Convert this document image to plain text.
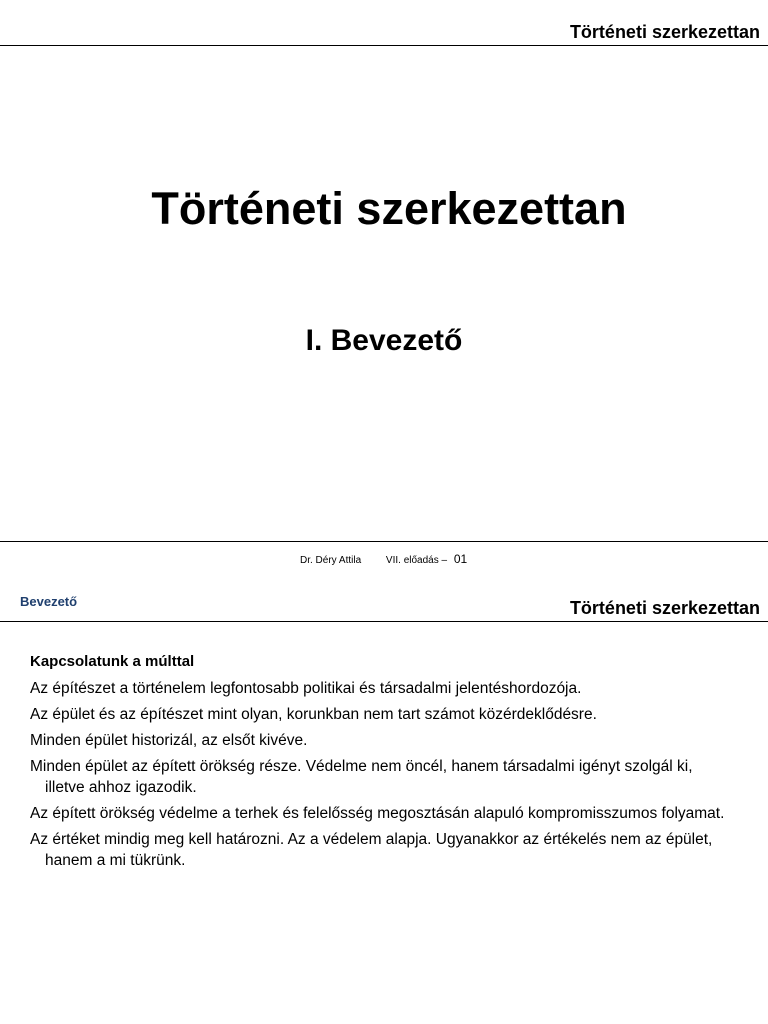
Történeti szerkezettan
Történeti szerkezettan
I. Bevezető
Dr. Déry Attila VII. előadás – 01
Bevezető	Történeti szerkezettan
Kapcsolatunk a múlttal
Az építészet a történelem legfontosabb politikai és társadalmi jelentéshordozója.
Az épület és az építészet mint olyan, korunkban nem tart számot közérdeklődésre.
Minden épület historizál, az elsőt kivéve.
Minden épület az épített örökség része. Védelme nem öncél, hanem társadalmi igényt szolgál ki, illetve ahhoz igazodik.
Az épített örökség védelme a terhek és felelősség megosztásán alapuló kompromisszumos folyamat.
Az értéket mindig meg kell határozni. Az a védelem alapja. Ugyanakkor az értékelés nem az épület, hanem a mi tükrünk.
